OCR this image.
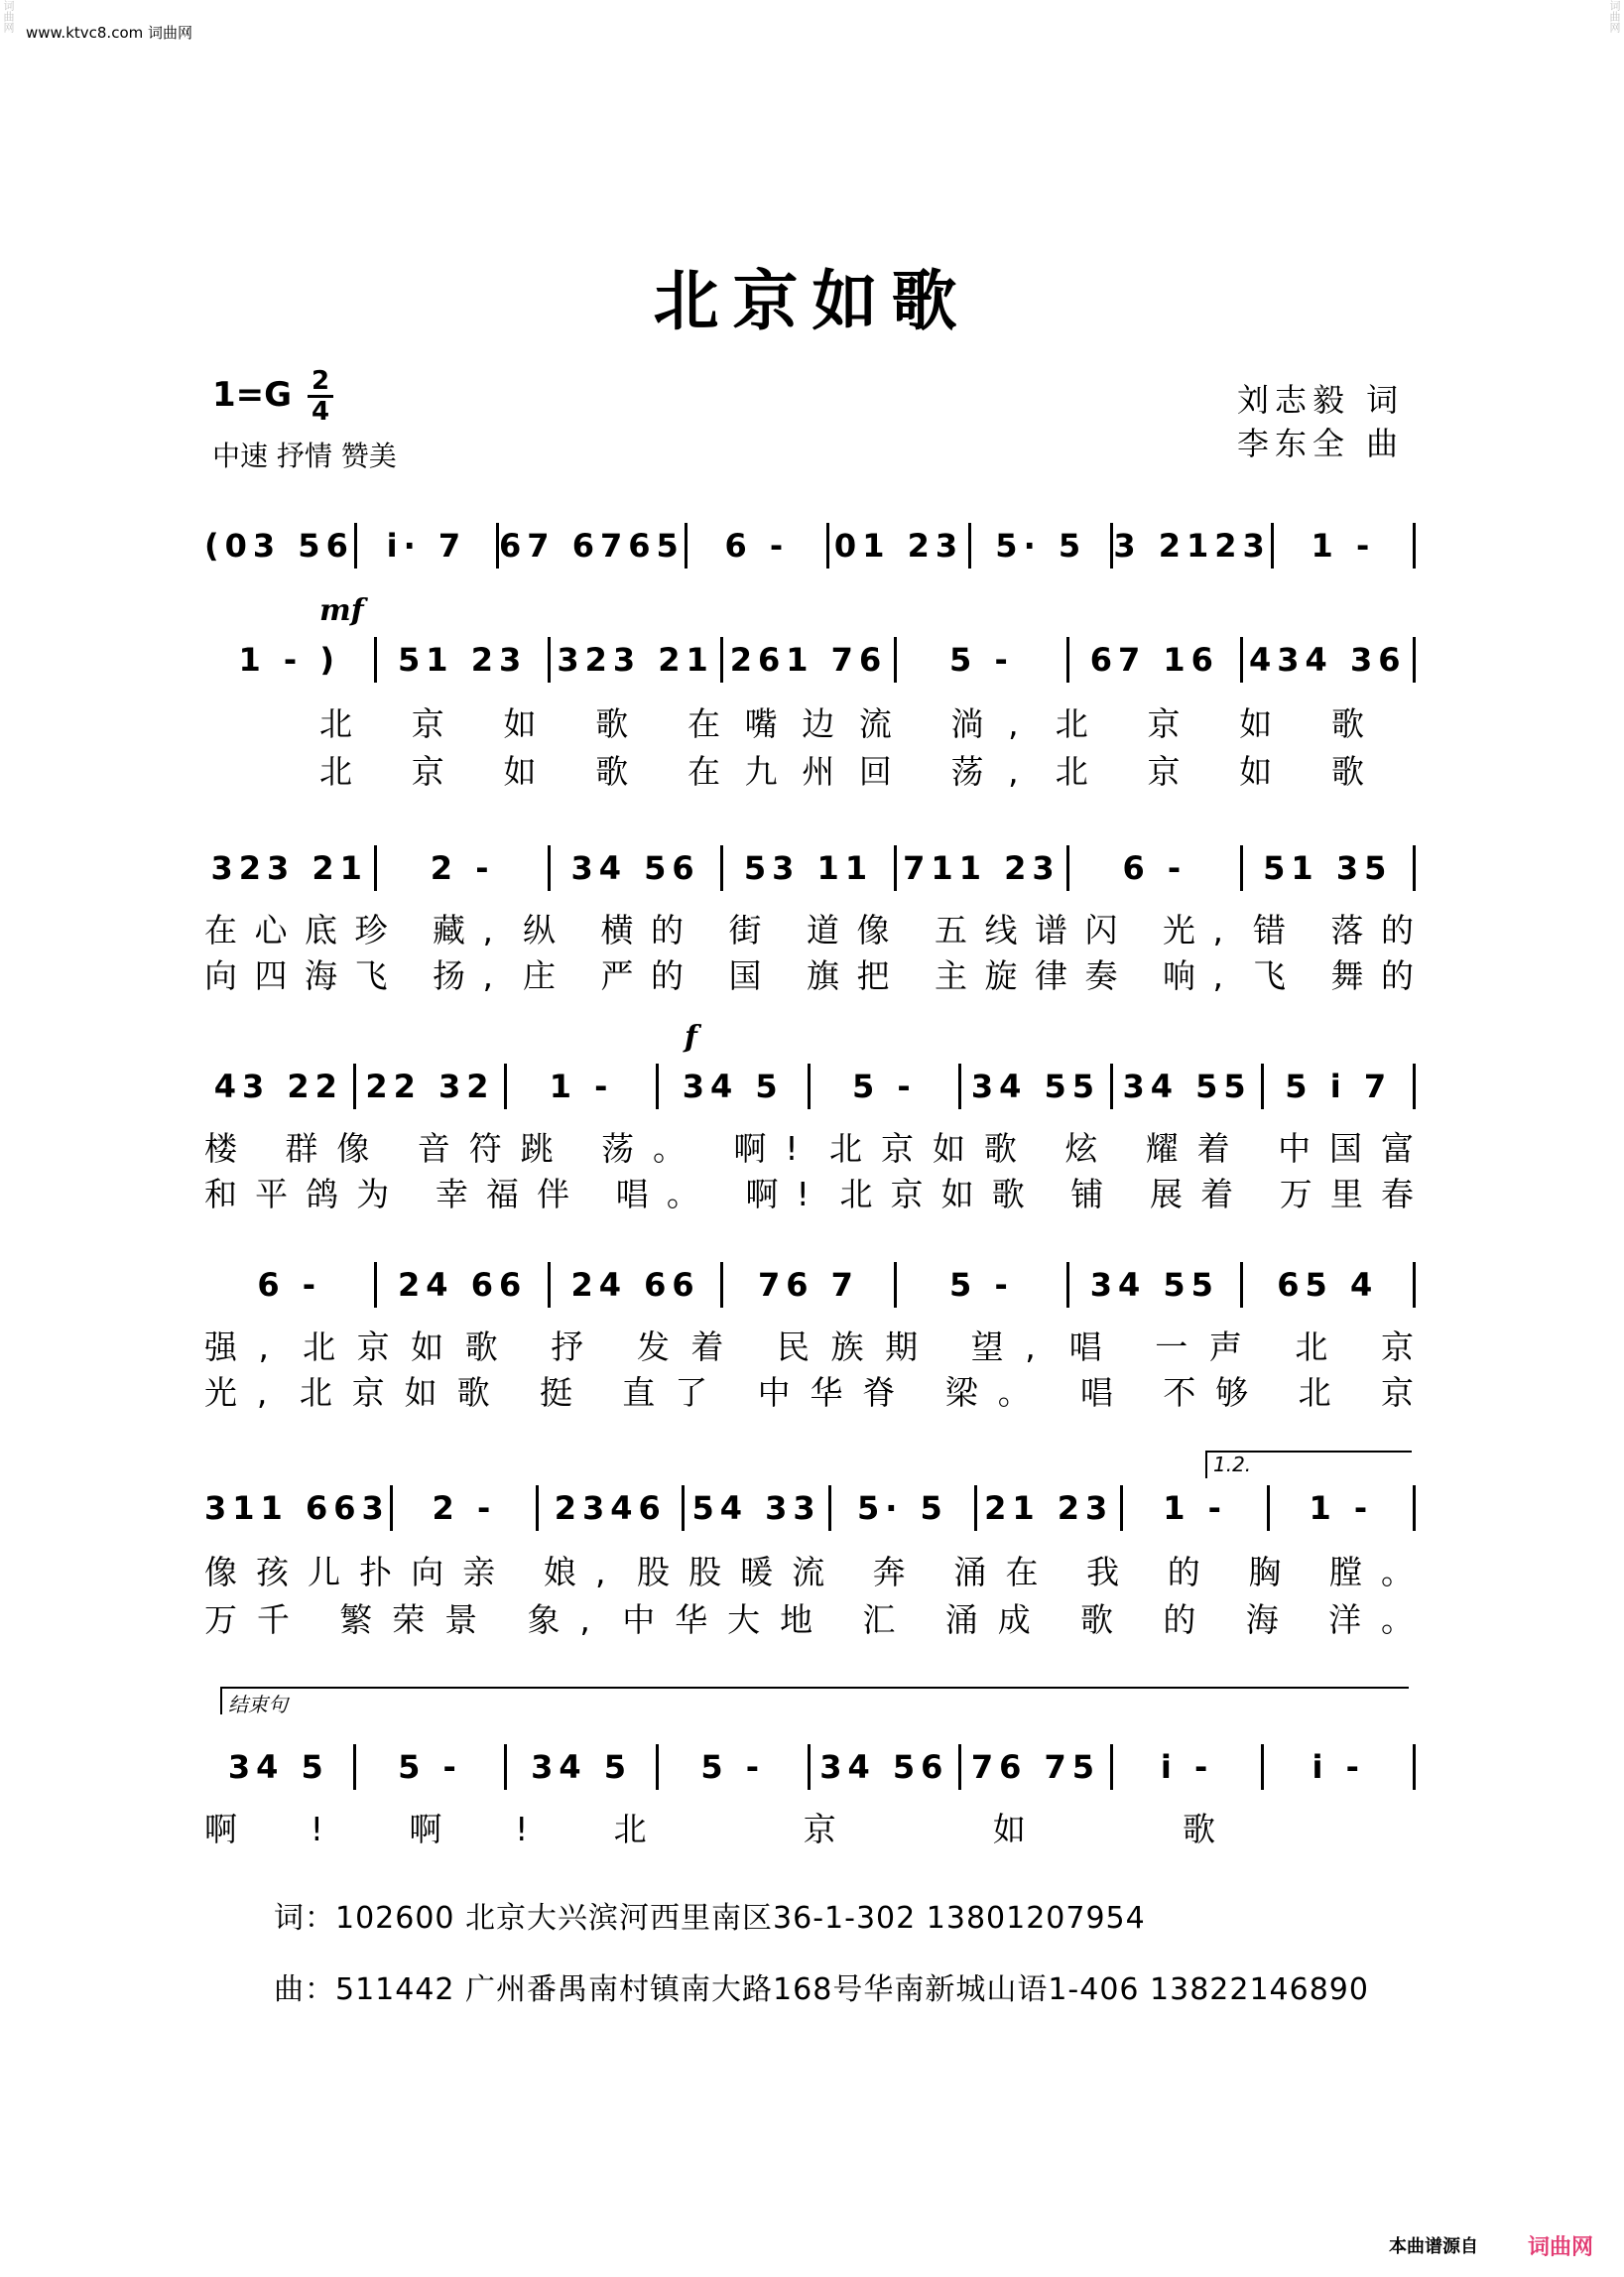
www.ktvc8.com 词曲网
词曲网	词曲网
北京如歌
1=G 2
4
中速 抒情 赞美
刘志毅 词
李东全 曲
(03 56	i· 7	67 6765	6 -	01 23	5· 5 3 2123	1 -
mf
1 - )	51 23 323 21 261 76	5 -	67 16 434 36
北 京 如 歌 在嘴边流 淌, 北 京 如 歌
北 京 如 歌 在九州回 荡, 北 京 如 歌
323 21	2 -	34 56	53 11 711 23	6 -	51 35
在心底珍 藏, 纵 横的 街 道像 五线谱闪 光, 错 落的
向四海飞 扬, 庄 严的 国 旗把 主旋律奏 响, 飞 舞的
f
43 22 22 32	1 -	34 5	5 -	34 55 34 55	5 i 7
楼 群像 音符跳 荡。 啊! 北京如歌 炫 耀着 中国富
和平鸽为 幸福伴 唱。 啊! 北京如歌 铺 展着 万里春
6 -	24 66	24 66	76 7	5 -	34 55	65 4
强, 北京如歌 抒 发着 民族期 望, 唱 一声 北 京
光, 北京如歌 挺 直了 中华脊 梁。 唱 不够 北 京
1.2.
311 663	2 -	2346 54 33	5· 5	21 23	1 -	1 -
像孩儿扑向亲 娘, 股股暖流 奔 涌在 我 的 胸 膛。
万千 繁荣景 象, 中华大地 汇 涌成 歌 的 海 洋。
结束句
34 5	5 -	34 5	5 -	34 56 76 75	i -	i -
啊! 啊! 北 京 如 歌
词：102600 北京大兴滨河西里南区36-1-302 13801207954
曲：511442 广州番禺南村镇南大路168号华南新城山语1-406 13822146890
本曲谱源自 词曲网
